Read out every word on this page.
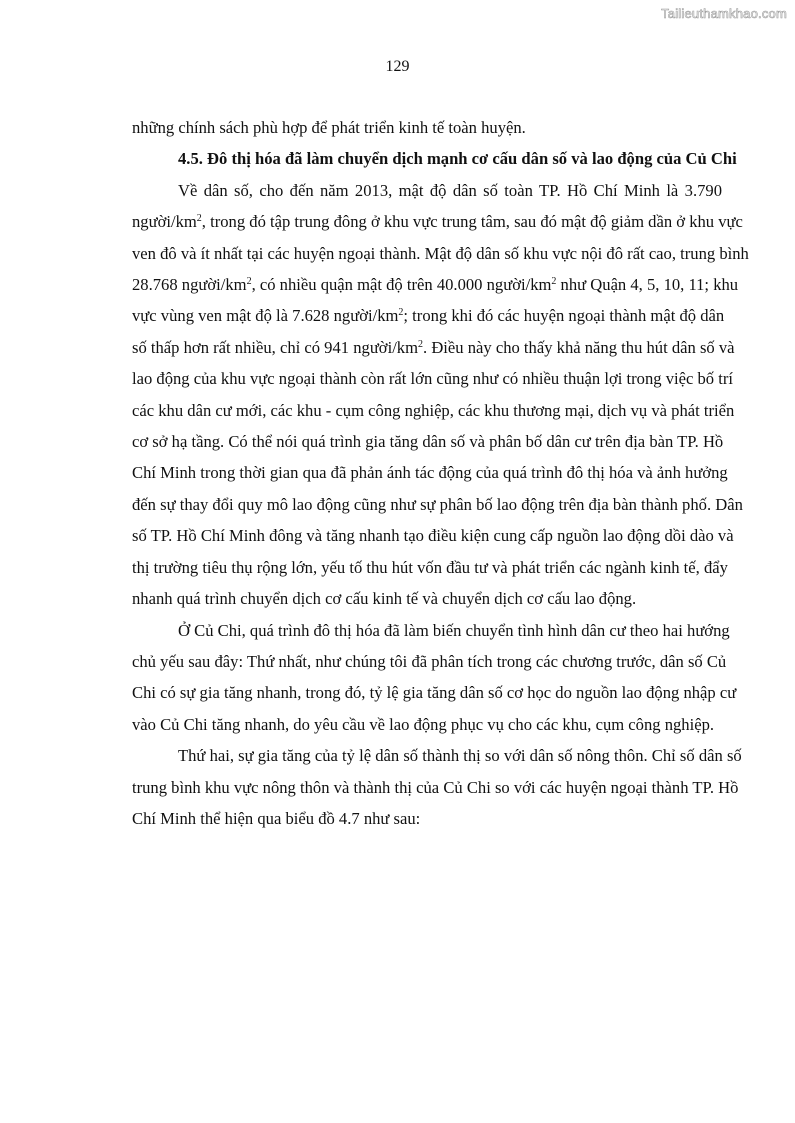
Tailieuthamkhao.com
129
những chính sách phù hợp để phát triển kinh tế toàn huyện.
4.5. Đô thị hóa đã làm chuyển dịch mạnh cơ cấu dân số và lao động của Củ Chi
Về dân số, cho đến năm 2013, mật độ dân số toàn TP. Hồ Chí Minh là 3.790
người/$km^2$, trong đó tập trung đông ở khu vực trung tâm, sau đó mật độ giảm dần ở khu vực
ven đô và ít nhất tại các huyện ngoại thành. Mật độ dân số khu vực nội đô rất cao, trung bình
28.768 người/$km^2$, có nhiều quận mật độ trên 40.000 người/$km^2$ như Quận 4, 5, 10, 11; khu
vực vùng ven mật độ là 7.628 người/$km^2$; trong khi đó các huyện ngoại thành mật độ dân
số thấp hơn rất nhiều, chỉ có 941 người/$km^2$. Điều này cho thấy khả năng thu hút dân số và
lao động của khu vực ngoại thành còn rất lớn cũng như có nhiều thuận lợi trong việc bố trí
các khu dân cư mới, các khu - cụm công nghiệp, các khu thương mại, dịch vụ và phát triển
cơ sở hạ tầng. Có thể nói quá trình gia tăng dân số và phân bố dân cư trên địa bàn TP. Hồ
Chí Minh trong thời gian qua đã phản ánh tác động của quá trình đô thị hóa và ảnh hưởng
đến sự thay đổi quy mô lao động cũng như sự phân bố lao động trên địa bàn thành phố. Dân
số TP. Hồ Chí Minh đông và tăng nhanh tạo điều kiện cung cấp nguồn lao động dồi dào và
thị trường tiêu thụ rộng lớn, yếu tố thu hút vốn đầu tư và phát triển các ngành kinh tế, đẩy
nhanh quá trình chuyển dịch cơ cấu kinh tế và chuyển dịch cơ cấu lao động.
Ở Củ Chi, quá trình đô thị hóa đã làm biến chuyển tình hình dân cư theo hai hướng
chủ yếu sau đây: Thứ nhất, như chúng tôi đã phân tích trong các chương trước, dân số Củ
Chi có sự gia tăng nhanh, trong đó, tỷ lệ gia tăng dân số cơ học do nguồn lao động nhập cư
vào Củ Chi tăng nhanh, do yêu cầu về lao động phục vụ cho các khu, cụm công nghiệp.
Thứ hai, sự gia tăng của tỷ lệ dân số thành thị so với dân số nông thôn. Chỉ số dân số
trung bình khu vực nông thôn và thành thị của Củ Chi so với các huyện ngoại thành TP. Hồ
Chí Minh thể hiện qua biểu đồ 4.7 như sau:
